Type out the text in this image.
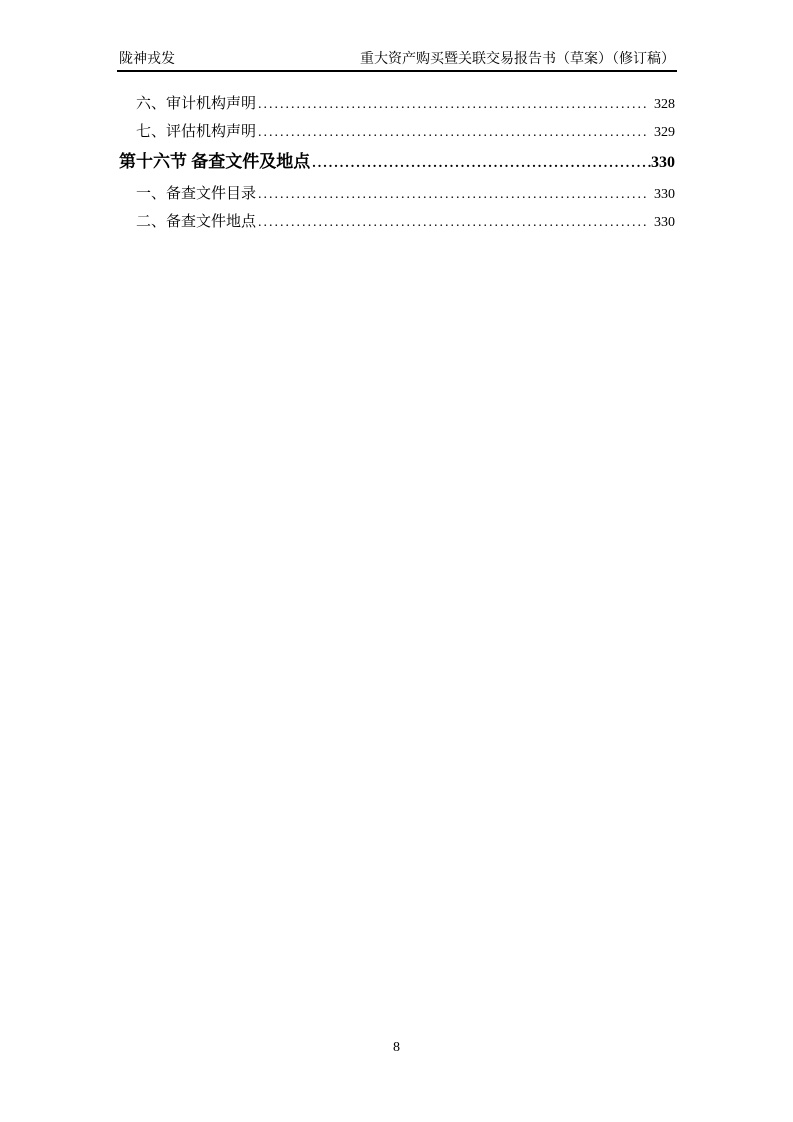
陇神戎发	重大资产购买暨关联交易报告书（草案）（修订稿）
六、审计机构声明 .....	328
七、评估机构声明 .....	329
第十六节 备查文件及地点 .....	330
一、备查文件目录 .....	330
二、备查文件地点 .....	330
8
